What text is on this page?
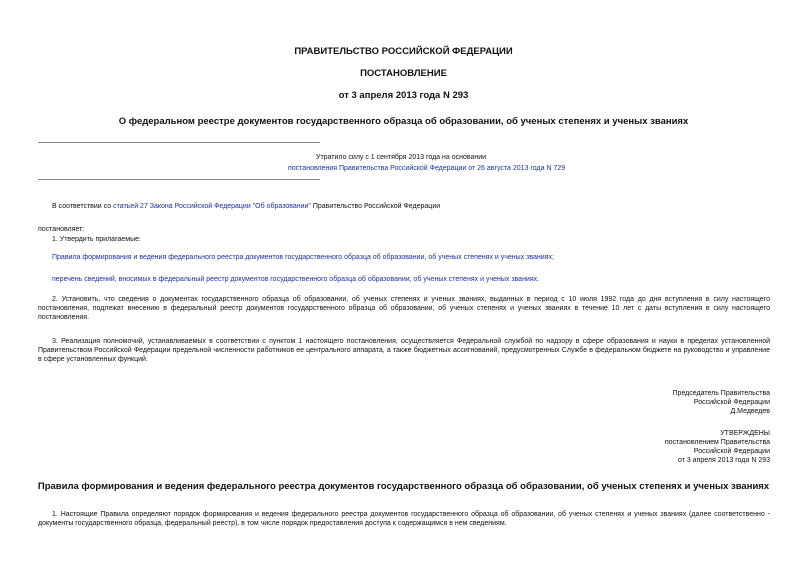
ПРАВИТЕЛЬСТВО РОССИЙСКОЙ ФЕДЕРАЦИИ
ПОСТАНОВЛЕНИЕ
от 3 апреля 2013 года N 293
О федеральном реестре документов государственного образца об образовании, об ученых степенях и ученых званиях
Утратило силу с 1 сентября 2013 года на основании
постановления Правительства Российской Федерации от 26 августа 2013 года N 729
В соответствии со статьей 27 Закона Российской Федерации "Об образовании" Правительство Российской Федерации
постановляет:
1. Утвердить прилагаемые:
Правила формирования и ведения федерального реестра документов государственного образца об образовании, об ученых степенях и ученых званиях;
перечень сведений, вносимых в федеральный реестр документов государственного образца об образовании, об ученых степенях и ученых званиях.
2. Установить, что сведения о документах государственного образца об образовании, об ученых степенях и ученых званиях, выданных в период с 10 июля 1992 года до дня вступления в силу настоящего постановления, подлежат внесению в федеральный реестр документов государственного образца об образовании, об ученых степенях и ученых званиях в течение 10 лет с даты вступления в силу настоящего постановления.
3. Реализация полномочий, устанавливаемых в соответствии с пунктом 1 настоящего постановления, осуществляется Федеральной службой по надзору в сфере образования и науки в пределах установленной Правительством Российской Федерации предельной численности работников ее центрального аппарата, а также бюджетных ассигнований, предусмотренных Службе в федеральном бюджете на руководство и управление в сфере установленных функций.
Председатель Правительства
Российской Федерации
Д.Медведев
УТВЕРЖДЕНЫ
постановлением Правительства
Российской Федерации
от 3 апреля 2013 года N 293
Правила формирования и ведения федерального реестра документов государственного образца об образовании, об ученых степенях и ученых званиях
1. Настоящие Правила определяют порядок формирования и ведения федерального реестра документов государственного образца об образовании, об ученых степенях и ученых званиях (далее соответственно - документы государственного образца, федеральный реестр), в том числе порядок предоставления доступа к содержащимся в нем сведениям.
